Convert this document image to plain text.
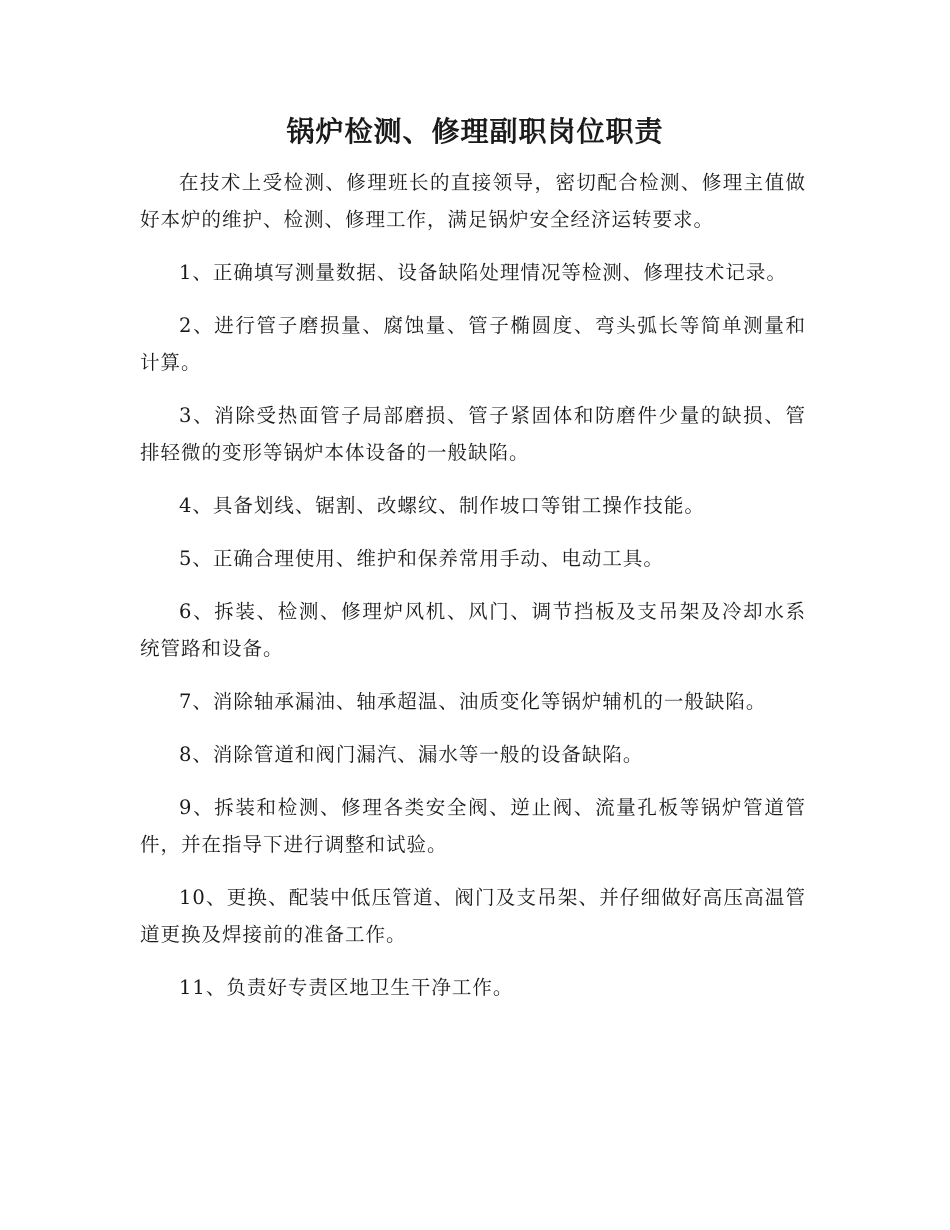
锅炉检测、修理副职岗位职责

在技术上受检测、修理班长的直接领导，密切配合检测、修理主值做好本炉的维护、检测、修理工作，满足锅炉安全经济运转要求。

1、正确填写测量数据、设备缺陷处理情况等检测、修理技术记录。

2、进行管子磨损量、腐蚀量、管子椭圆度、弯头弧长等简单测量和计算。

3、消除受热面管子局部磨损、管子紧固体和防磨件少量的缺损、管排轻微的变形等锅炉本体设备的一般缺陷。

4、具备划线、锯割、改螺纹、制作坡口等钳工操作技能。

5、正确合理使用、维护和保养常用手动、电动工具。

6、拆装、检测、修理炉风机、风门、调节挡板及支吊架及冷却水系统管路和设备。

7、消除轴承漏油、轴承超温、油质变化等锅炉辅机的一般缺陷。

8、消除管道和阀门漏汽、漏水等一般的设备缺陷。

9、拆装和检测、修理各类安全阀、逆止阀、流量孔板等锅炉管道管件，并在指导下进行调整和试验。

10、更换、配装中低压管道、阀门及支吊架、并仔细做好高压高温管道更换及焊接前的准备工作。

11、负责好专责区地卫生干净工作。
